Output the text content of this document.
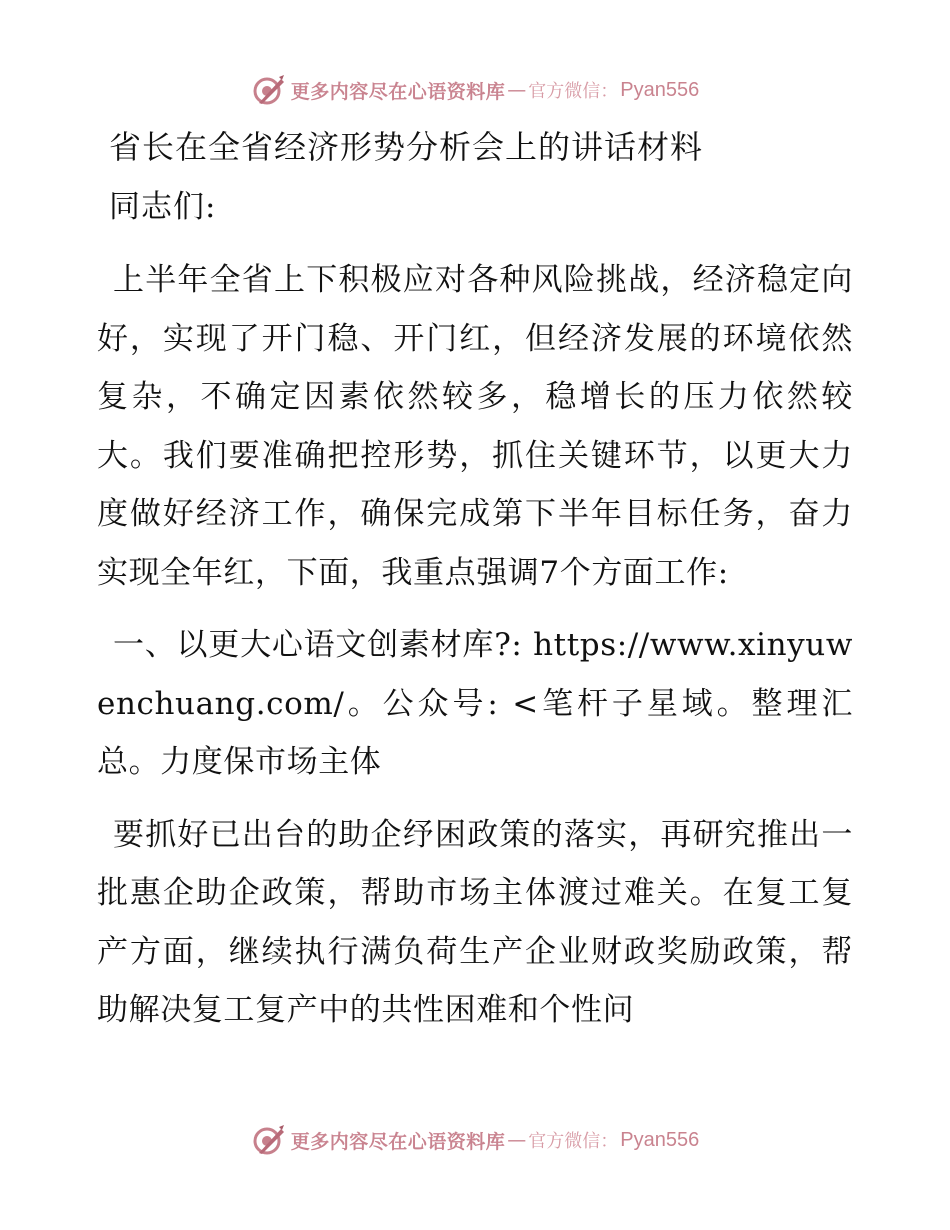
更多内容尽在心语资料库 — 官方微信： Pyan556
省长在全省经济形势分析会上的讲话材料

同志们:

上半年全省上下积极应对各种风险挑战，经济稳定向好，实现了开门稳、开门红，但经济发展的环境依然复杂，不确定因素依然较多，稳增长的压力依然较大。我们要准确把控形势，抓住关键环节，以更大力度做好经济工作，确保完成第下半年目标任务，奋力实现全年红，下面，我重点强调7个方面工作:

一、以更大心语文创素材库?: https://www.xinyuwenchuang.com/。公众号: <笔杆子星域。整理汇总。力度保市场主体

要抓好已出台的助企纾困政策的落实，再研究推出一批惠企助企政策，帮助市场主体渡过难关。在复工复产方面，继续执行满负荷生产企业财政奖励政策，帮助解决复工复产中的共性困难和个性问

更多内容尽在心语资料库 — 官方微信： Pyan556
